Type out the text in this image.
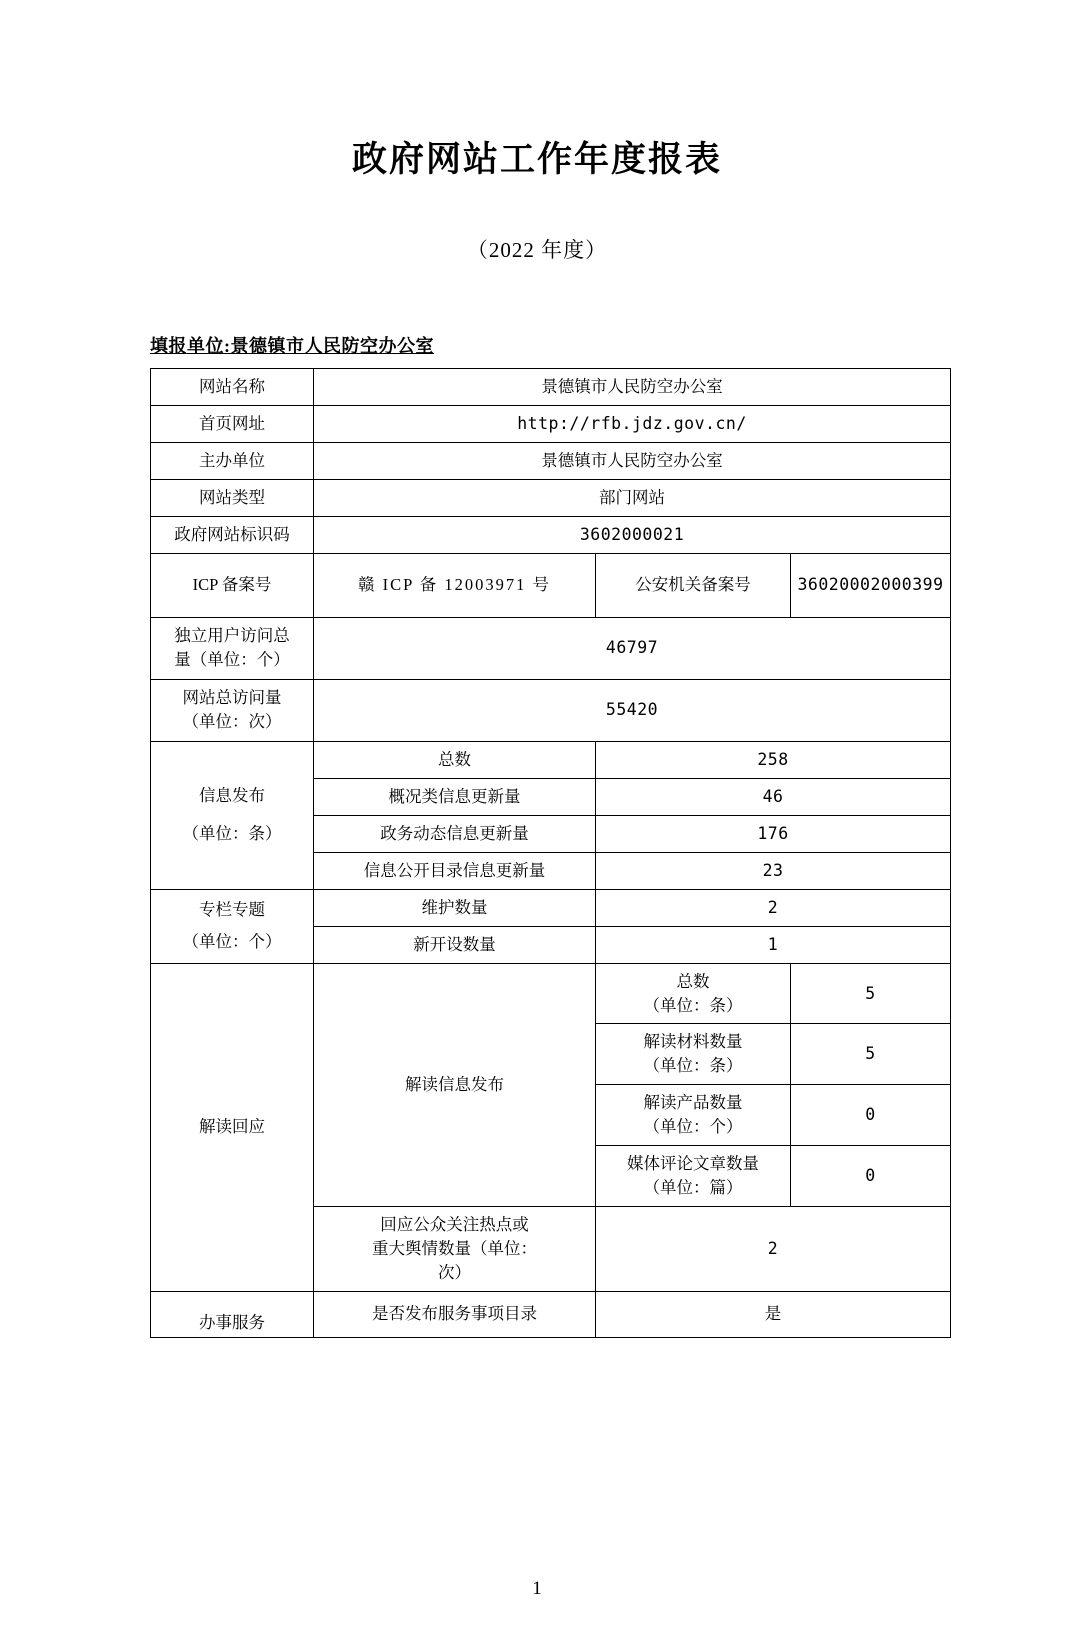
政府网站工作年度报表
（2022 年度）
填报单位:景德镇市人民防空办公室
网站名称	景德镇市人民防空办公室		
首页网址	http://rfb.jdz.gov.cn/		
主办单位	景德镇市人民防空办公室		
网站类型	部门网站		
政府网站标识码	3602000021		
ICP 备案号	赣 ICP 备 12003971 号	公安机关备案号	36020002000399
独立用户访问总
量（单位：个）	46797		
网站总访问量
（单位：次）	55420		

信息发布
（单位：条）	总数	258	
	概况类信息更新量	46	
	政务动态信息更新量	176	
	信息公开目录信息更新量	23	

专栏专题
（单位：个）	维护数量	2	
	新开设数量	1	
解读回应	解读信息发布	总数
（单位：条）	5
		解读材料数量
（单位：条）	5
		解读产品数量
（单位：个）	0
		媒体评论文章数量
（单位：篇）	0
	回应公众关注热点或
重大舆情数量（单位：
次）	2	
办事服务	是否发布服务事项目录	是	
1
